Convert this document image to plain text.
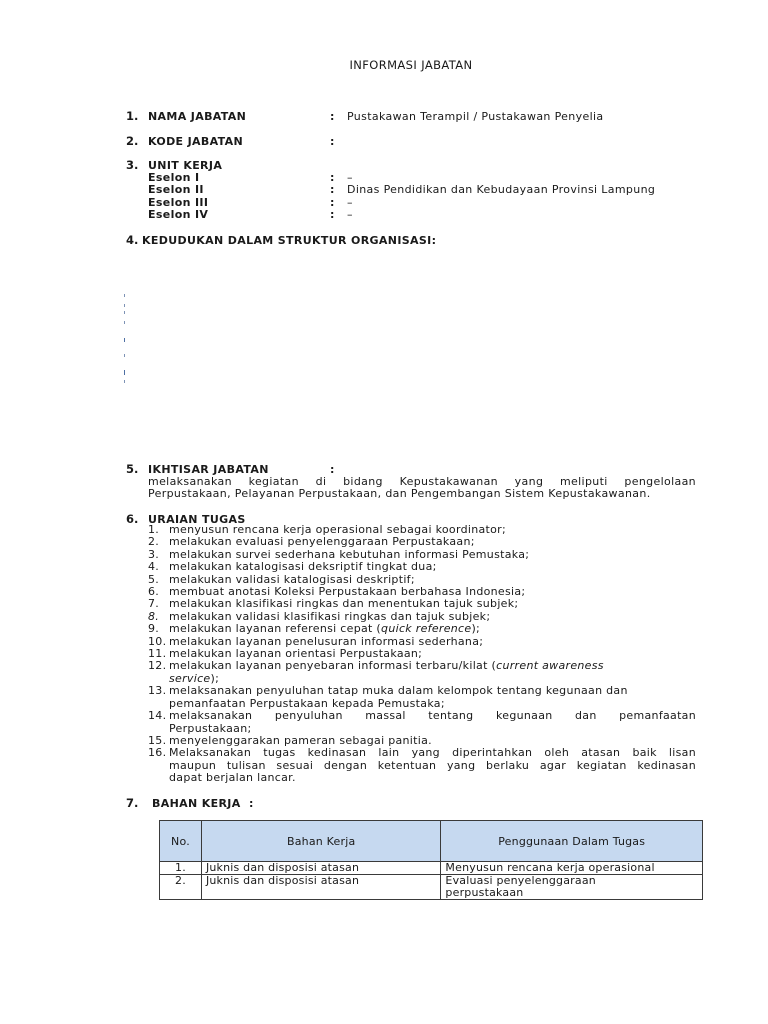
INFORMASI JABATAN
1. NAMA JABATAN	: Pustakawan Terampil / Pustakawan Penyelia
2. KODE JABATAN	:
3. UNIT KERJA
Eselon I	: –
Eselon II	: Dinas Pendidikan dan Kebudayaan Provinsi Lampung
Eselon III	: –
Eselon IV	: –
4. KEDUDUKAN DALAM STRUKTUR ORGANISASI:
5. IKHTISAR JABATAN	:
melaksanakan kegiatan di bidang Kepustakawanan yang meliputi pengelolaan
Perpustakaan, Pelayanan Perpustakaan, dan Pengembangan Sistem Kepustakawanan.
6. URAIAN TUGAS
1. menyusun rencana kerja operasional sebagai koordinator;
2. melakukan evaluasi penyelenggaraan Perpustakaan;
3. melakukan survei sederhana kebutuhan informasi Pemustaka;
4. melakukan katalogisasi deksriptif tingkat dua;
5. melakukan validasi katalogisasi deskriptif;
6. membuat anotasi Koleksi Perpustakaan berbahasa Indonesia;
7. melakukan klasifikasi ringkas dan menentukan tajuk subjek;
8. melakukan validasi klasifikasi ringkas dan tajuk subjek;
9. melakukan layanan referensi cepat (quick reference);
10. melakukan layanan penelusuran informasi sederhana;
11. melakukan layanan orientasi Perpustakaan;
12. melakukan layanan penyebaran informasi terbaru/kilat (current awareness
service);
13. melaksanakan penyuluhan tatap muka dalam kelompok tentang kegunaan dan
pemanfaatan Perpustakaan kepada Pemustaka;
14. melaksanakan penyuluhan massal tentang kegunaan dan pemanfaatan
Perpustakaan;
15. menyelenggarakan pameran sebagai panitia.
16. Melaksanakan tugas kedinasan lain yang diperintahkan oleh atasan baik lisan
maupun tulisan sesuai dengan ketentuan yang berlaku agar kegiatan kedinasan
dapat berjalan lancar.
7. BAHAN KERJA  :
No.	Bahan Kerja	Penggunaan Dalam Tugas
1.	Juknis dan disposisi atasan	Menyusun rencana kerja operasional
2.	Juknis dan disposisi atasan	Evaluasi penyelenggaraan
perpustakaan
